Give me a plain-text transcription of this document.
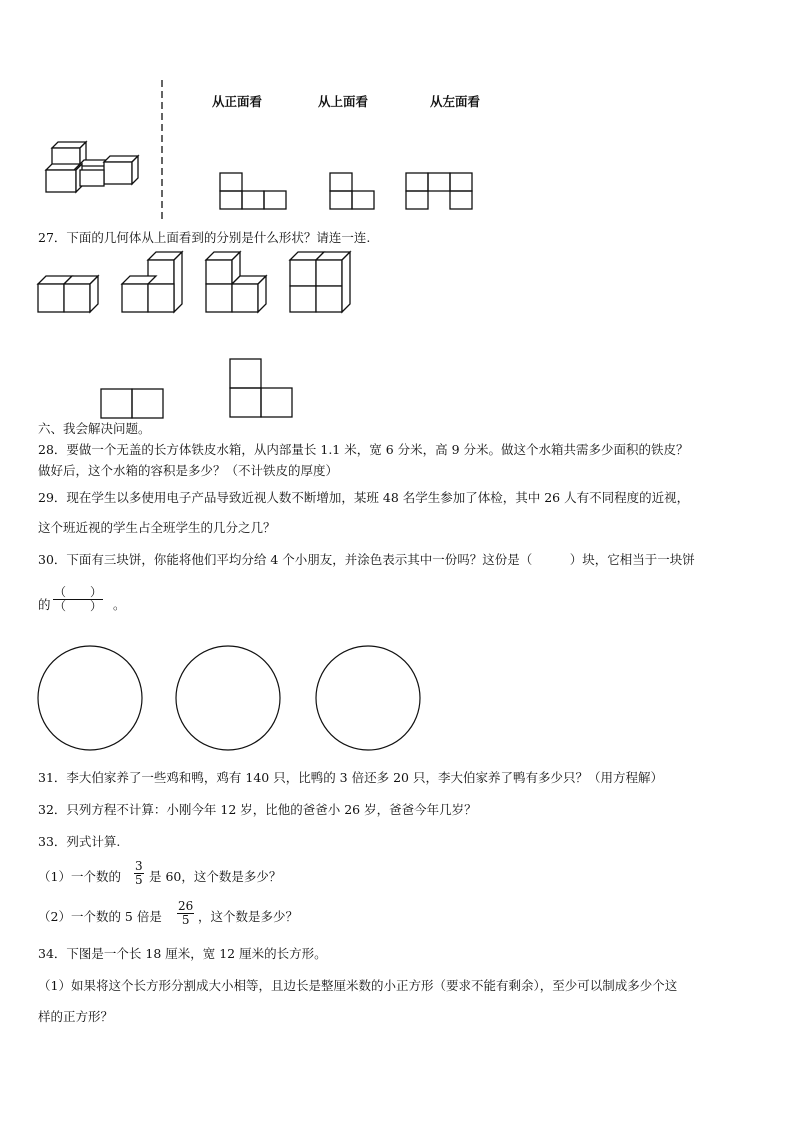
从正面看	从上面看	从左面看
27．下面的几何体从上面看到的分别是什么形状？请连一连.
六、我会解决问题。
28．要做一个无盖的长方体铁皮水箱，从内部量长 1.1 米，宽 6 分米，高 9 分米。做这个水箱共需多少面积的铁皮？
做好后，这个水箱的容积是多少？（不计铁皮的厚度）
29．现在学生以多使用电子产品导致近视人数不断增加，某班 48 名学生参加了体检，其中 26 人有不同程度的近视，
这个班近视的学生占全班学生的几分之几？
30．下面有三块饼，你能将他们平均分给 4 个小朋友，并涂色表示其中一份吗？这份是（　　　）块，它相当于一块饼
的
（　　）
（　　） 。
31．李大伯家养了一些鸡和鸭，鸡有 140 只，比鸭的 3 倍还多 20 只，李大伯家养了鸭有多少只？（用方程解）
32．只列方程不计算：小刚今年 12 岁，比他的爸爸小 26 岁，爸爸今年几岁？
33．列式计算.
（1）一个数的 $\frac{3}{5}$ 是 60，这个数是多少？
（2）一个数的 5 倍是 $\frac{26}{5}$ ，这个数是多少？
34．下图是一个长 18 厘米，宽 12 厘米的长方形。
（1）如果将这个长方形分割成大小相等，且边长是整厘米数的小正方形（要求不能有剩余），至少可以制成多少个这
样的正方形？
